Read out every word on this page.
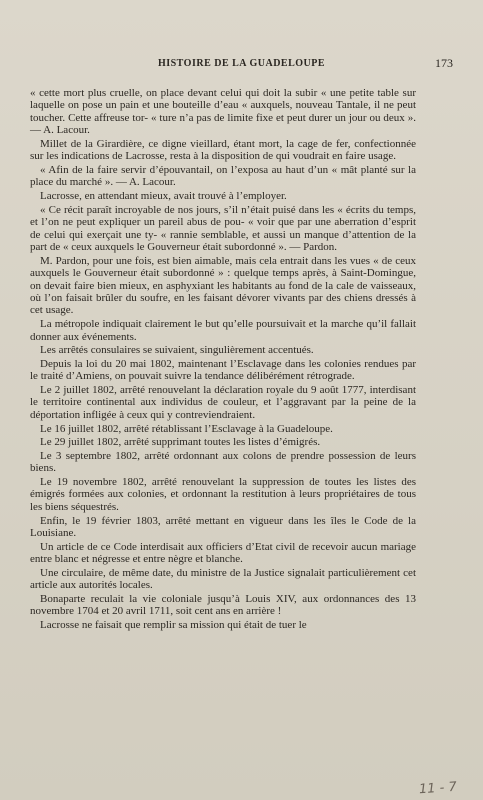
HISTOIRE DE LA GUADELOUPE	173

« cette mort plus cruelle, on place devant celui qui doit la subir « une petite table sur laquelle on pose un pain et une bouteille d’eau « auxquels, nouveau Tantale, il ne peut toucher. Cette affreuse tor- « ture n’a pas de limite fixe et peut durer un jour ou deux ». — A. Lacour.

Millet de la Girardière, ce digne vieillard, étant mort, la cage de fer, confectionnée sur les indications de Lacrosse, resta à la disposition de qui voudrait en faire usage.

« Afin de la faire servir d’épouvantail, on l’exposa au haut d’un « mât planté sur la place du marché ». — A. Lacour.

Lacrosse, en attendant mieux, avait trouvé à l’employer.

« Ce récit paraît incroyable de nos jours, s’il n’était puisé dans les « écrits du temps, et l’on ne peut expliquer un pareil abus de pou- « voir que par une aberration d’esprit de celui qui exerçait une ty- « rannie semblable, et aussi un manque d’attention de la part de « ceux auxquels le Gouverneur était subordonné ». — Pardon.

M. Pardon, pour une fois, est bien aimable, mais cela entrait dans les vues « de ceux auxquels le Gouverneur était subordonné » : quelque temps après, à Saint-Domingue, on devait faire bien mieux, en asphyxiant les habitants au fond de la cale de vaisseaux, où l’on faisait brûler du soufre, en les faisant dévorer vivants par des chiens dressés à cet usage.

La métropole indiquait clairement le but qu’elle poursuivait et la marche qu’il fallait donner aux événements.

Les arrêtés consulaires se suivaient, singulièrement accentués.

Depuis la loi du 20 mai 1802, maintenant l’Esclavage dans les colonies rendues par le traité d’Amiens, on pouvait suivre la tendance délibérément rétrograde.

Le 2 juillet 1802, arrêté renouvelant la déclaration royale du 9 août 1777, interdisant le territoire continental aux individus de couleur, et l’aggravant par la peine de la déportation infligée à ceux qui y contreviendraient.

Le 16 juillet 1802, arrêté rétablissant l’Esclavage à la Guadeloupe.

Le 29 juillet 1802, arrêté supprimant toutes les listes d’émigrés.

Le 3 septembre 1802, arrêté ordonnant aux colons de prendre possession de leurs biens.

Le 19 novembre 1802, arrêté renouvelant la suppression de toutes les listes des émigrés formées aux colonies, et ordonnant la restitution à leurs propriétaires de tous les biens séquestrés.

Enfin, le 19 février 1803, arrêté mettant en vigueur dans les îles le Code de la Louisiane.

Un article de ce Code interdisait aux officiers d’Etat civil de recevoir aucun mariage entre blanc et négresse et entre nègre et blanche.

Une circulaire, de même date, du ministre de la Justice signalait particulièrement cet article aux autorités locales.

Bonaparte reculait la vie coloniale jusqu’à Louis XIV, aux ordonnances des 13 novembre 1704 et 20 avril 1711, soit cent ans en arrière !

Lacrosse ne faisait que remplir sa mission qui était de tuer le

11 - 7
